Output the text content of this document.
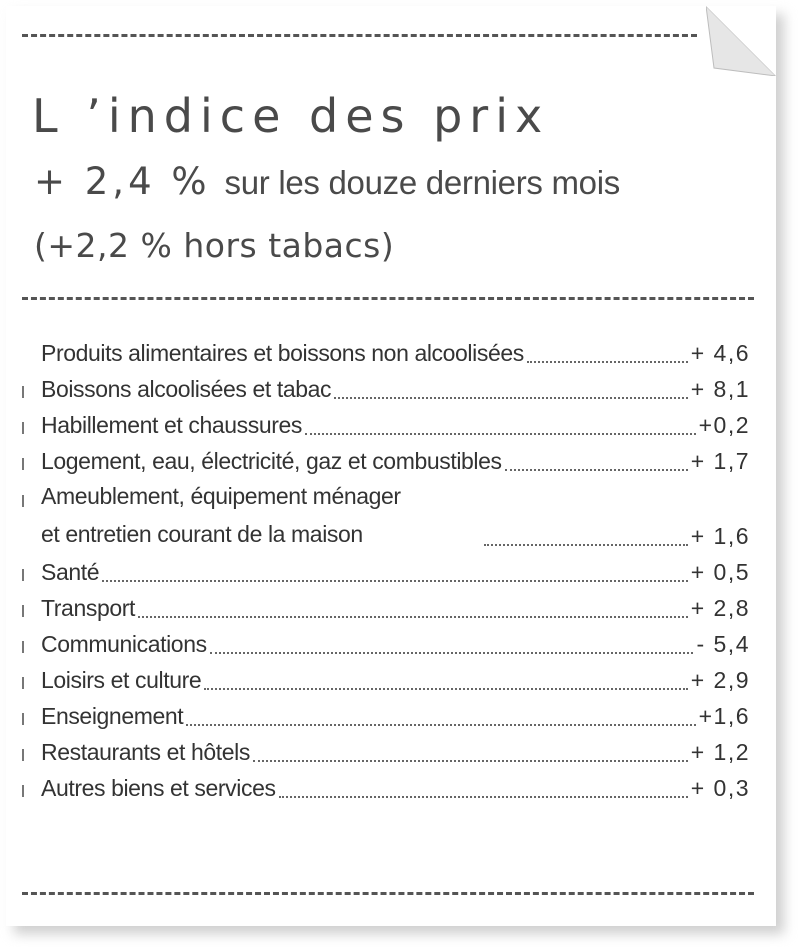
L ’indice des prix
+ 2,4 % sur les douze derniers mois
(+2,2 % hors tabacs)
Produits alimentaires et boissons non alcoolisées	+ 4,6
Boissons alcoolisées et tabac	+ 8,1
Habillement et chaussures	+0,2
Logement, eau, électricité, gaz et combustibles	+ 1,7
Ameublement, équipement ménager
et entretien courant de la maison	+ 1,6
Santé	+ 0,5
Transport	+ 2,8
Communications	- 5,4
Loisirs et culture	+ 2,9
Enseignement	+1,6
Restaurants et hôtels	+ 1,2
Autres biens et services	+ 0,3
